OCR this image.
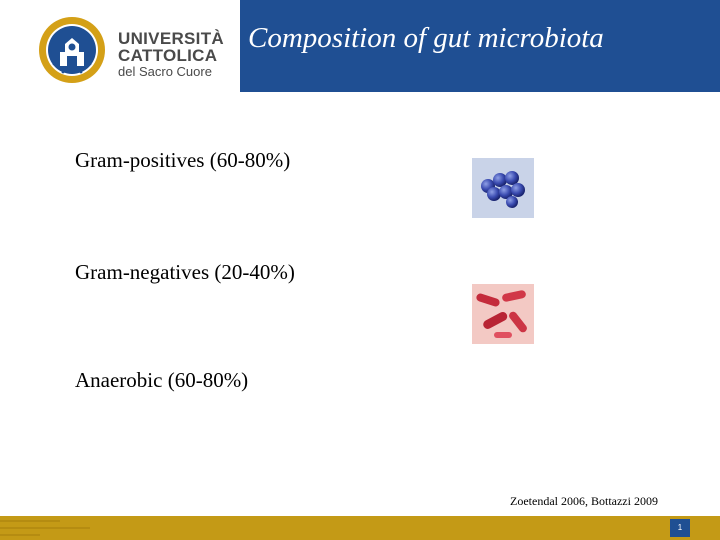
UNIVERSITÀ
CATTOLICA
del Sacro Cuore
Composition of gut microbiota
Gram-positives (60-80%)
Gram-negatives (20-40%)
Anaerobic (60-80%)
Zoetendal 2006, Bottazzi 2009
1
